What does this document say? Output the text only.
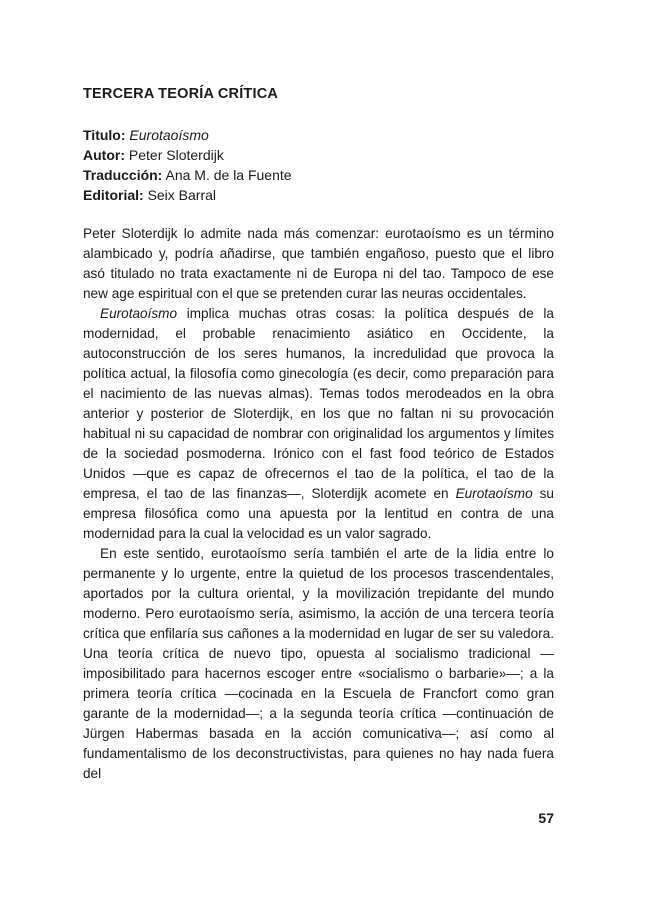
TERCERA TEORÍA CRÍTICA
Titulo: Eurotaoísmo
Autor: Peter Sloterdijk
Traducción: Ana M. de la Fuente
Editorial: Seix Barral

Peter Sloterdijk lo admite nada más comenzar: eurotaoísmo es un término alambicado y, podría añadirse, que también engañoso, puesto que el libro asó titulado no trata exactamente ni de Europa ni del tao. Tampoco de ese new age espiritual con el que se pretenden curar las neuras occidentales.

Eurotaoísmo implica muchas otras cosas: la política después de la modernidad, el probable renacimiento asiático en Occidente, la autoconstrucción de los seres humanos, la incredulidad que provoca la política actual, la filosofía como ginecología (es decir, como preparación para el nacimiento de las nuevas almas). Temas todos merodeados en la obra anterior y posterior de Sloterdijk, en los que no faltan ni su provocación habitual ni su capacidad de nombrar con originalidad los argumentos y límites de la sociedad posmoderna. Irónico con el fast food teórico de Estados Unidos —que es capaz de ofrecernos el tao de la política, el tao de la empresa, el tao de las finanzas—, Sloterdijk acomete en Eurotaoísmo su empresa filosófica como una apuesta por la lentitud en contra de una modernidad para la cual la velocidad es un valor sagrado.

En este sentido, eurotaoísmo sería también el arte de la lidia entre lo permanente y lo urgente, entre la quietud de los procesos trascendentales, aportados por la cultura oriental, y la movilización trepidante del mundo moderno. Pero eurotaoísmo sería, asimismo, la acción de una tercera teoría crítica que enfilaría sus cañones a la modernidad en lugar de ser su valedora. Una teoría crítica de nuevo tipo, opuesta al socialismo tradicional —imposibilitado para hacernos escoger entre «socialismo o barbarie»—; a la primera teoría crítica —cocinada en la Escuela de Francfort como gran garante de la modernidad—; a la segunda teoría crítica —continuación de Jürgen Habermas basada en la acción comunicativa—; así como al fundamentalismo de los deconstructivistas, para quienes no hay nada fuera del

57
